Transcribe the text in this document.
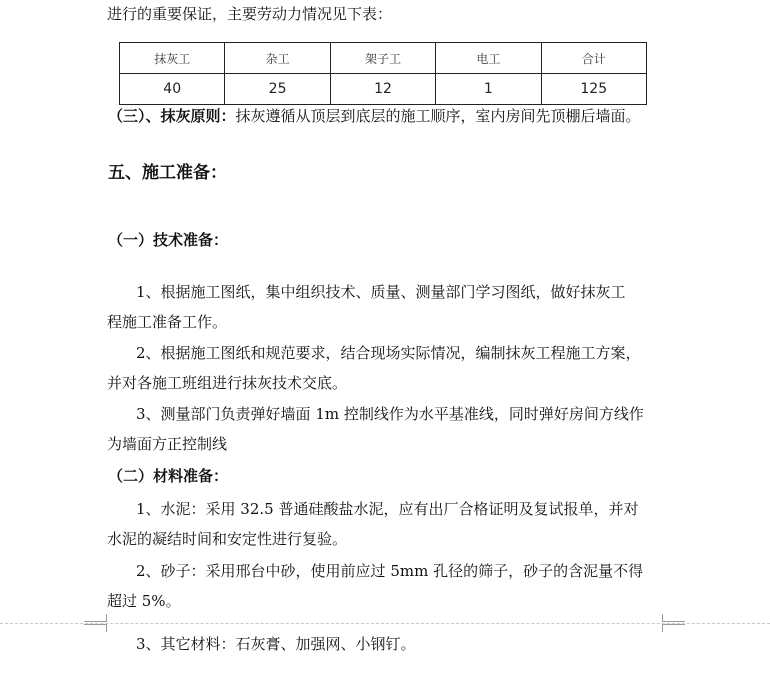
进行的重要保证，主要劳动力情况见下表：
抹灰工	杂工	架子工	电工	合计
40	25	12	1	125
（三）、抹灰原则：抹灰遵循从顶层到底层的施工顺序，室内房间先顶棚后墙面。
五、施工准备：
（一）技术准备：
1、根据施工图纸，集中组织技术、质量、测量部门学习图纸，做好抹灰工
程施工准备工作。
2、根据施工图纸和规范要求，结合现场实际情况，编制抹灰工程施工方案，
并对各施工班组进行抹灰技术交底。
3、测量部门负责弹好墙面 1m 控制线作为水平基准线，同时弹好房间方线作
为墙面方正控制线
（二）材料准备：
1、水泥：采用 32.5 普通硅酸盐水泥，应有出厂合格证明及复试报单，并对
水泥的凝结时间和安定性进行复验。
2、砂子：采用邢台中砂，使用前应过 5mm 孔径的筛子，砂子的含泥量不得
超过 5%。
3、其它材料：石灰膏、加强网、小钢钉。
